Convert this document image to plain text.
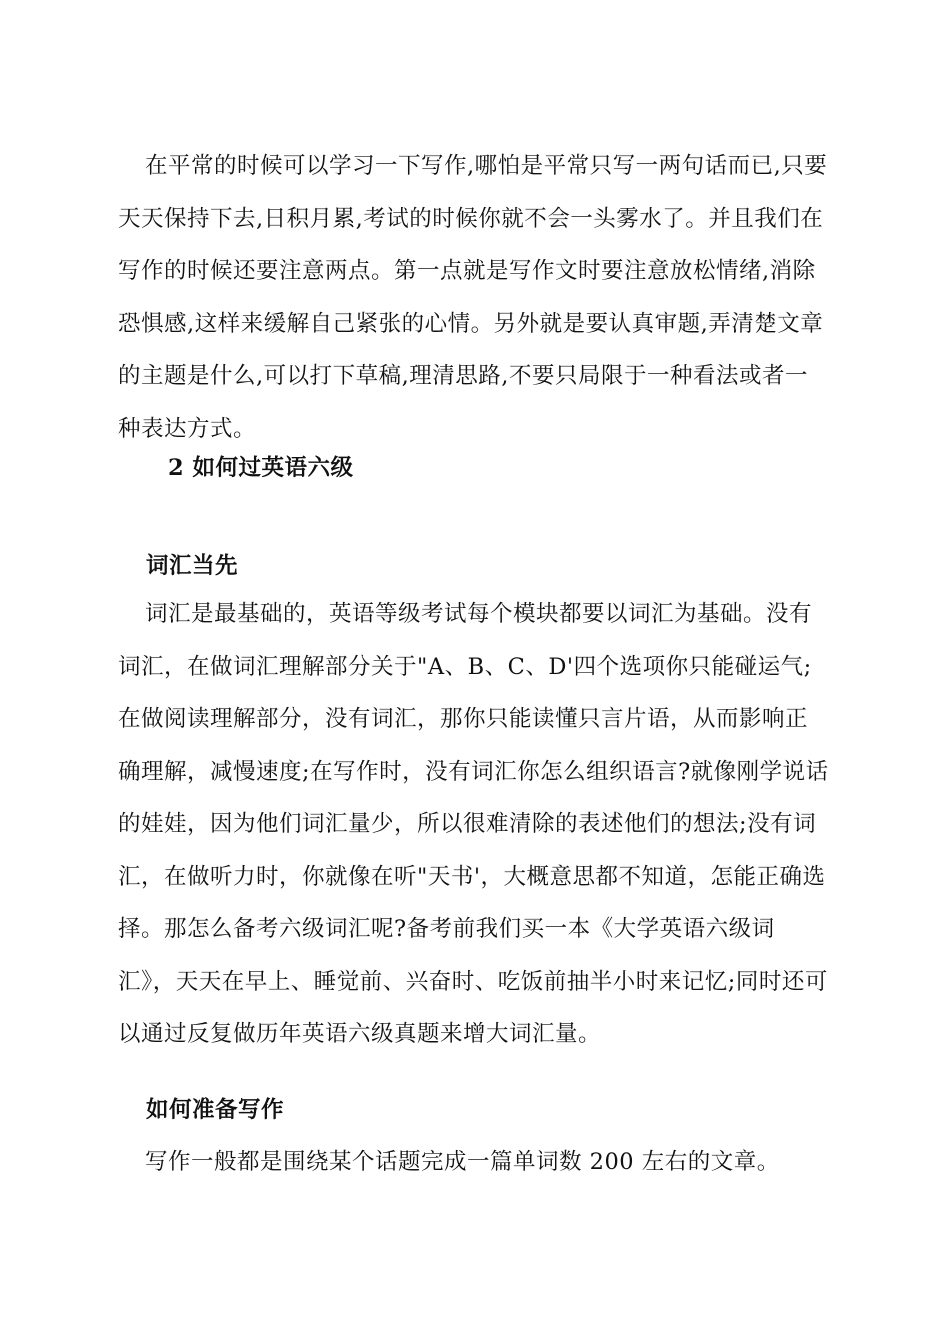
在平常的时候可以学习一下写作,哪怕是平常只写一两句话而已,只要天天保持下去,日积月累,考试的时候你就不会一头雾水了。并且我们在写作的时候还要注意两点。第一点就是写作文时要注意放松情绪,消除恐惧感,这样来缓解自己紧张的心情。另外就是要认真审题,弄清楚文章的主题是什么,可以打下草稿,理清思路,不要只局限于一种看法或者一种表达方式。

2 如何过英语六级
词汇当先

词汇是最基础的，英语等级考试每个模块都要以词汇为基础。没有词汇，在做词汇理解部分关于"A、B、C、D'四个选项你只能碰运气;在做阅读理解部分，没有词汇，那你只能读懂只言片语，从而影响正确理解，减慢速度;在写作时，没有词汇你怎么组织语言?就像刚学说话的娃娃，因为他们词汇量少，所以很难清除的表述他们的想法;没有词汇，在做听力时，你就像在听"天书'，大概意思都不知道，怎能正确选择。那怎么备考六级词汇呢?备考前我们买一本《大学英语六级词汇》，天天在早上、睡觉前、兴奋时、吃饭前抽半小时来记忆;同时还可以通过反复做历年英语六级真题来增大词汇量。

如何准备写作

写作一般都是围绕某个话题完成一篇单词数 200 左右的文章。
